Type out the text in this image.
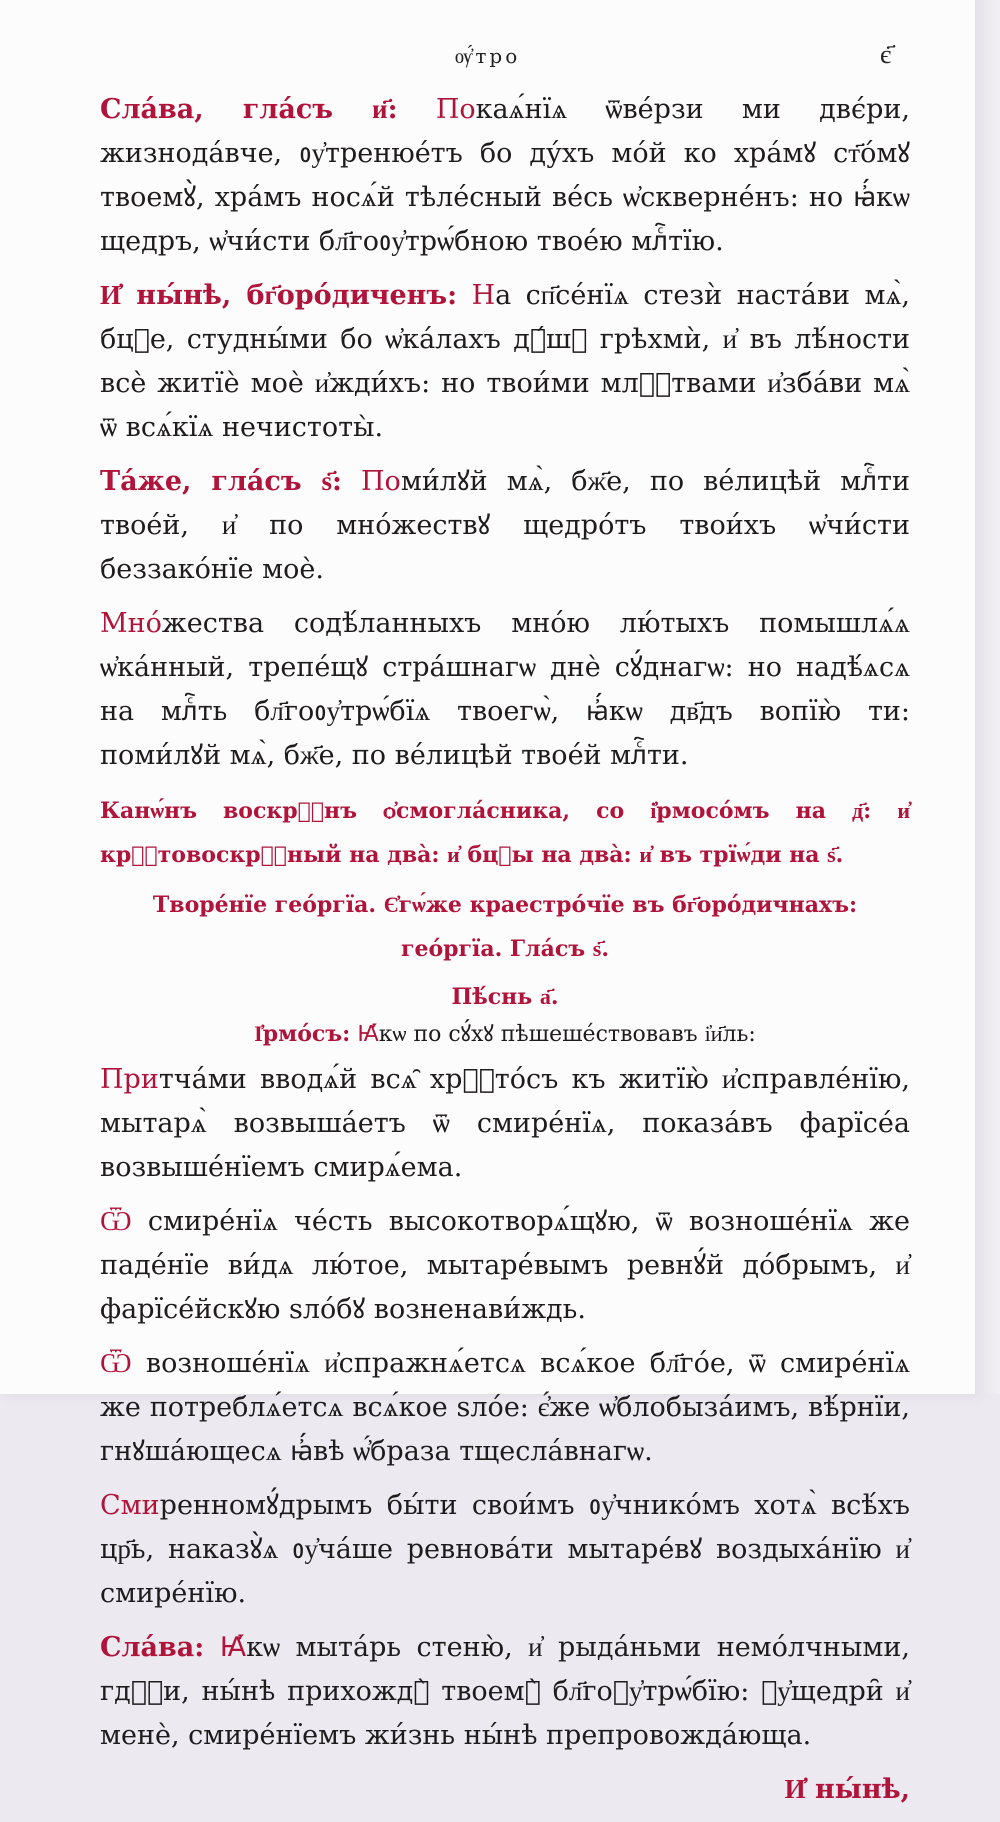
ѹ҆́тро	є҃

Сла́ва, гла́съ и҃: Покаѧ́нїѧ ѿве́рзи ми двє́ри, жизнода́вче, ᲂу҆тренюе́тъ бо ду́хъ мо́й ко хра́мꙋ ст҃о́мꙋ твоемꙋ̀, хра́мъ носѧ́й тѣле́сный ве́сь ѡ҆скверне́нъ: но ꙗ҆́кѡ щедръ, ѡ҆чи́сти бл҃гоᲂу҆трѡ́бною твое́ю млⷭ҇тїю.

И҆ ны́нѣ, бг҃оро́диченъ: На сп҃се́нїѧ стезѝ наста́ви мѧ̀, бцⷣе, студны́ми бо ѡ҆ка́лахъ дꙋ́шꙋ грѣхмѝ, и҆ въ лѣ́ности всѐ житїѐ моѐ и҆жди́хъ: но твои́ми млⷭ҇твами и҆зба́ви мѧ̀ ѿ всѧ́кїѧ нечистоты̀.

Та́же, гла́съ ѕ҃: Поми́лꙋй мѧ̀, бж҃е, по ве́лицѣй млⷭ҇ти твое́й, и҆ по мно́жествꙋ щедро́тъ твои́хъ ѡ҆чи́сти беззако́нїе моѐ.

Мно́жества содѣ́ланныхъ мно́ю лю́тыхъ помышлѧ́ѧ ѡ҆ка́нный, трепе́щꙋ стра́шнагѡ днѐ сꙋ́днагѡ: но надѣ́ѧсѧ на млⷭ҇ть бл҃гоᲂу҆трѡ́бїѧ твоегѡ̀, ꙗ҆́кѡ дв҃дъ вопїю̀ ти: поми́лꙋй мѧ̀, бж҃е, по ве́лицѣй твое́й млⷭ҇ти.

Канѡ́нъ воскрⷭ҇нъ ѻ҆смогла́сника, со і҆рмосо́мъ на д҃: и҆ крⷭ҇товоскрⷭ҇ный на два̀: и҆ бцⷣы на два̀: и҆ въ трїѡ́ди на ѕ҃.

Творе́нїе гео́ргїа. Є҆гѡ́же краестро́чїе въ бг҃оро́дичнахъ: гео́ргїа. Гла́съ ѕ҃.

Пѣ́снь а҃.

І҆рмо́съ: Ꙗ҆́кѡ по сꙋ́хꙋ пѣшеше́ствовавъ і҆и҃ль:

Притча́ми вводѧ́й всѧ̑ хрⷭ҇то́съ къ житїю̀ и҆справле́нїю, мытарѧ̀ возвыша́етъ ѿ смире́нїѧ, показа́въ фарїсе́а возвыше́нїемъ смирѧ́ема.

Ѿ смире́нїѧ че́сть высокотворѧ́щꙋю, ѿ возноше́нїѧ же паде́нїе ви́дѧ лю́тое, мытаре́вымъ ревнꙋ́й до́брымъ, и҆ фарїсе́йскꙋю ѕло́бꙋ возненави́ждь.

Ѿ возноше́нїѧ и҆спражнѧ́етсѧ всѧ́кое бл҃го́е, ѿ смире́нїѧ же потреблѧ́етсѧ всѧ́кое ѕло́е: є҆́же ѡ҆блобыза́имъ, вѣ́рнїи, гнꙋша́ющесѧ ꙗ҆́вѣ ѡ҆́браза тщесла́внагѡ.

Смиренномꙋ́дрымъ бы́ти свои́мъ ᲂу҆чнико́мъ хотѧ̀ всѣ́хъ цр҃ь, наказꙋ̀ѧ ᲂу҆ча́ше ревнова́ти мытаре́вꙋ воздыха́нїю и҆ смире́нїю.

Сла́ва: Ꙗ҆́кѡ мыта́рь стеню̀, и҆ рыда́ньми немо́лчными, гдⷭ҇и, ны́нѣ прихождꙋ̀ твоемꙋ̀ бл҃гоᲂу҆трѡ́бїю: ᲂу҆щедри̑ и҆ менѐ, смире́нїемъ жи́знь ны́нѣ препровожда́юща.

И҆ ны́нѣ,
